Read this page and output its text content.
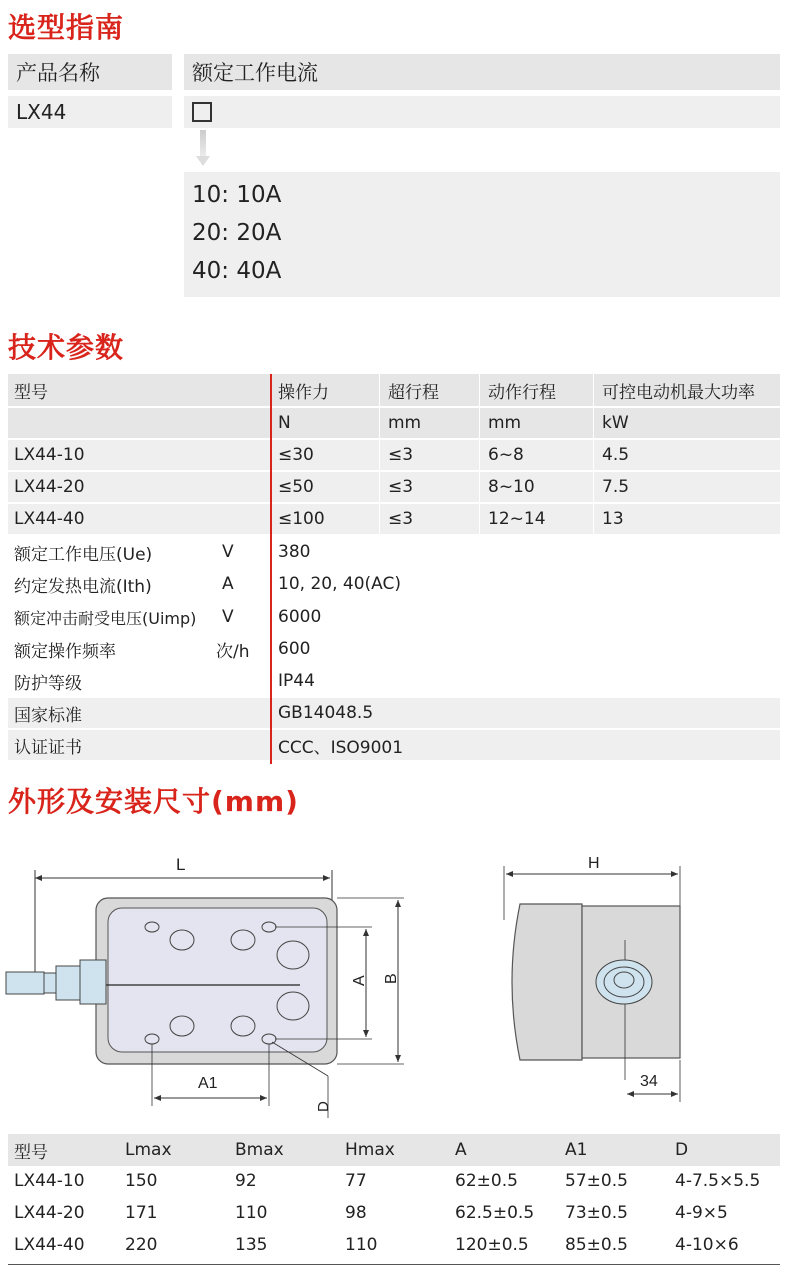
选型指南
产品名称	额定工作电流
LX44
10: 10A
20: 20A
40: 40A
技术参数
型号	操作力	超行程	动作行程	可控电动机最大功率
N	mm	mm	kW
LX44-10	≤30	≤3	6~8	4.5
LX44-20	≤50	≤3	8~10	7.5
LX44-40	≤100	≤3	12~14	13
额定工作电压(Ue)	V	380
约定发热电流(Ith)	A	10, 20, 40(AC)
额定冲击耐受电压(Uimp) V	6000
额定操作频率	次/h 600
防护等级	IP44
国家标准	GB14048.5
认证证书	CCC、ISO9001
外形及安装尺寸(mm)
L
A B
A1
D
H
34
型号	Lmax	Bmax	Hmax	A	A1	D
LX44-10 150	92	77	62±0.5	57±0.5	4-7.5×5.5
LX44-20 171	110	98	62.5±0.5 73±0.5	4-9×5
LX44-40 220	135	110	120±0.5 85±0.5	4-10×6
